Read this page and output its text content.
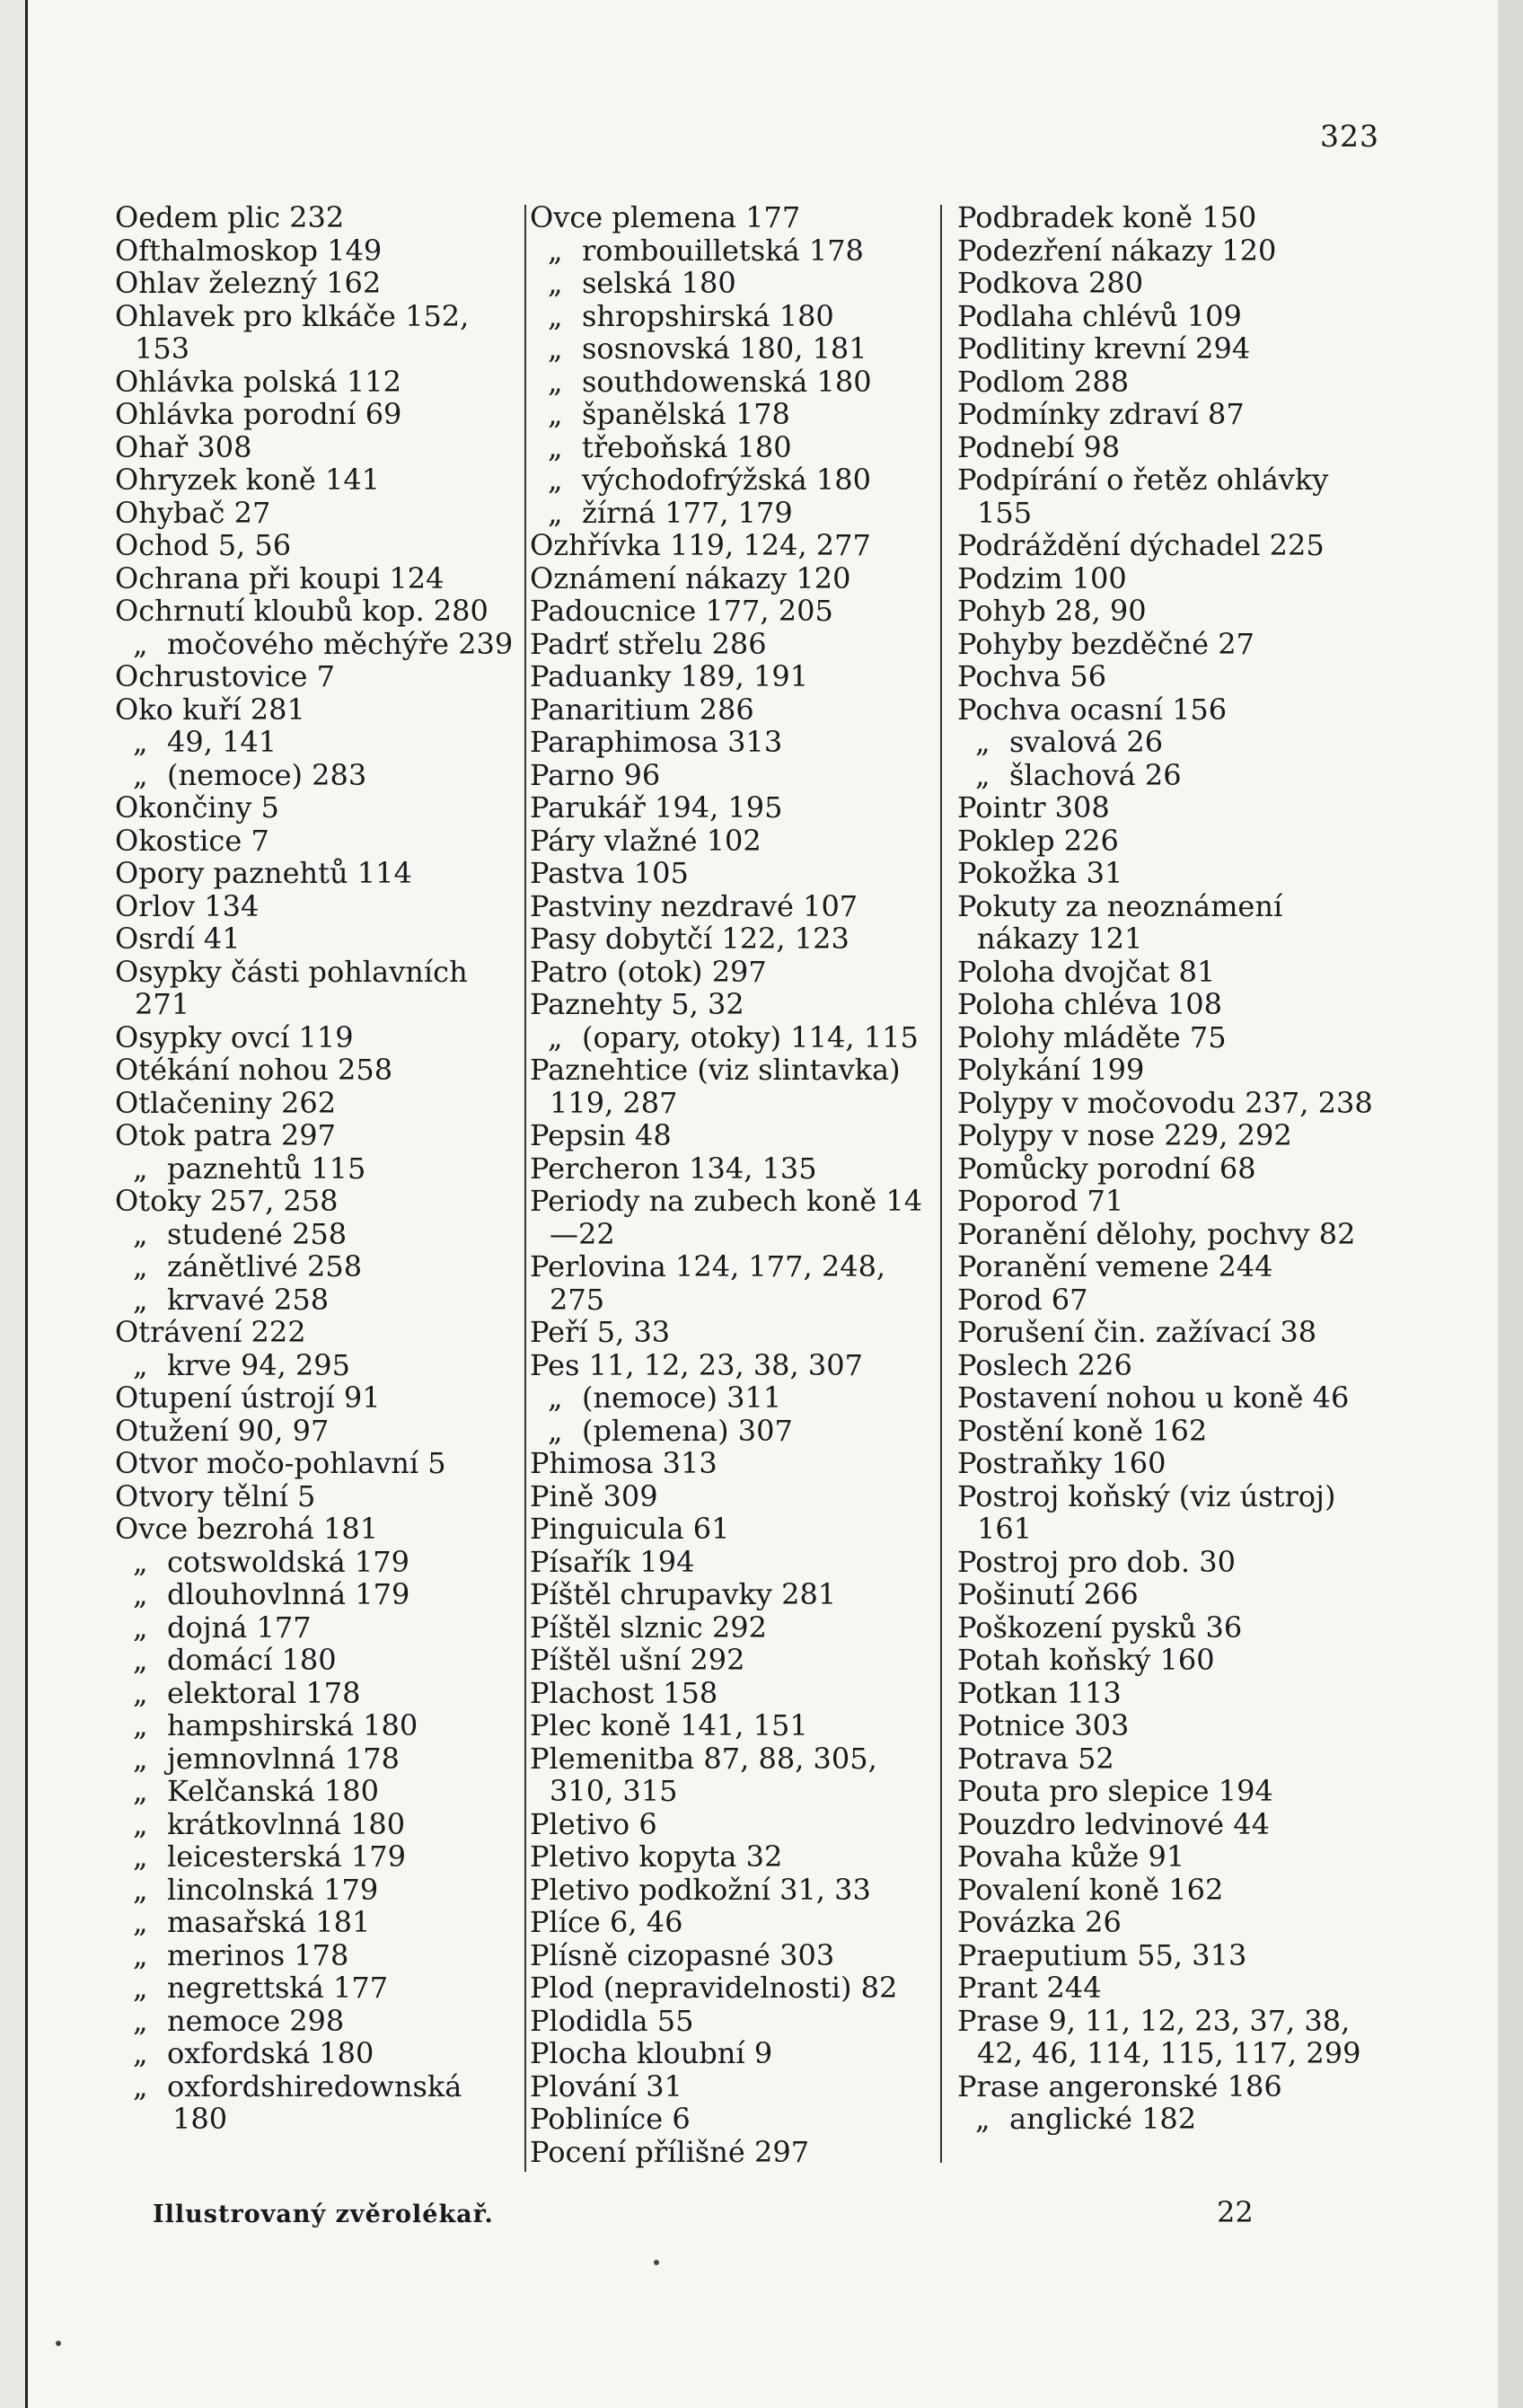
323
Oedem plic 232
Ofthalmoskop 149
Ohlav železný 162
Ohlavek pro klkáče 152, 153
Ohlávka polská 112
Ohlávka porodní 69
Ohař 308
Ohryzek koně 141
Ohybač 27
Ochod 5, 56
Ochrana při koupi 124
Ochrnutí kloubů kop. 280
„ močového měchýře 239
Ochrustovice 7
Oko kuří 281
„ 49, 141
„ (nemoce) 283
Okončiny 5
Okostice 7
Opory paznehtů 114
Orlov 134
Osrdí 41
Osypky části pohlavních 271
Osypky ovcí 119
Otékání nohou 258
Otlačeniny 262
Otok patra 297
„ paznehtů 115
Otoky 257, 258
„ studené 258
„ zánětlivé 258
„ krvavé 258
Otrávení 222
„ krve 94, 295
Otupení ústrojí 91
Otužení 90, 97
Otvor močo-pohlavní 5
Otvory tělní 5
Ovce bezrohá 181
„ cotswoldská 179
„ dlouhovlnná 179
„ dojná 177
„ domácí 180
„ elektoral 178
„ hampshirská 180
„ jemnovlnná 178
„ Kelčanská 180
„ krátkovlnná 180
„ leicesterská 179
„ lincolnská 179
„ masařská 181
„ merinos 178
„ negrettská 177
„ nemoce 298
„ oxfordská 180
„ oxfordshiredownská 180
Ovce plemena 177
„ rombouilletská 178
„ selská 180
„ shropshirská 180
„ sosnovská 180, 181
„ southdowenská 180
„ španělská 178
„ třeboňská 180
„ východofrýžská 180
„ žírná 177, 179
Ozhřívka 119, 124, 277
Oznámení nákazy 120
Padoucnice 177, 205
Padrť střelu 286
Paduanky 189, 191
Panaritium 286
Paraphimosa 313
Parno 96
Parukář 194, 195
Páry vlažné 102
Pastva 105
Pastviny nezdravé 107
Pasy dobytčí 122, 123
Patro (otok) 297
Paznehty 5, 32
„ (opary, otoky) 114, 115
Paznehtice (viz slintavka) 119, 287
Pepsin 48
Percheron 134, 135
Periody na zubech koně 14—22
Perlovina 124, 177, 248, 275
Peří 5, 33
Pes 11, 12, 23, 38, 307
„ (nemoce) 311
„ (plemena) 307
Phimosa 313
Pině 309
Pinguicula 61
Písařík 194
Píštěl chrupavky 281
Píštěl slznic 292
Píštěl ušní 292
Plachost 158
Plec koně 141, 151
Plemenitba 87, 88, 305, 310, 315
Pletivo 6
Pletivo kopyta 32
Pletivo podkožní 31, 33
Plíce 6, 46
Plísně cizopasné 303
Plod (nepravidelnosti) 82
Plodidla 55
Plocha kloubní 9
Plování 31
Pobliníce 6
Pocení přílišné 297
Podbradek koně 150
Podezření nákazy 120
Podkova 280
Podlaha chlévů 109
Podlitiny krevní 294
Podlom 288
Podmínky zdraví 87
Podnebí 98
Podpírání o řetěz ohlávky 155
Podráždění dýchadel 225
Podzim 100
Pohyb 28, 90
Pohyby bezděčné 27
Pochva 56
Pochva ocasní 156
„ svalová 26
„ šlachová 26
Pointr 308
Poklep 226
Pokožka 31
Pokuty za neoznámení nákazy 121
Poloha dvojčat 81
Poloha chléva 108
Polohy mláděte 75
Polykání 199
Polypy v močovodu 237, 238
Polypy v nose 229, 292
Pomůcky porodní 68
Poporod 71
Poranění dělohy, pochvy 82
Poranění vemene 244
Porod 67
Porušení čin. zažívací 38
Poslech 226
Postavení nohou u koně 46
Postění koně 162
Postraňky 160
Postroj koňský (viz ústroj) 161
Postroj pro dob. 30
Pošinutí 266
Poškození pysků 36
Potah koňský 160
Potkan 113
Potnice 303
Potrava 52
Pouta pro slepice 194
Pouzdro ledvinové 44
Povaha kůže 91
Povalení koně 162
Povázka 26
Praeputium 55, 313
Prant 244
Prase 9, 11, 12, 23, 37, 38, 42, 46, 114, 115, 117, 299
Prase angeronské 186
„ anglické 182
Illustrovaný zvěrolékař.	22
